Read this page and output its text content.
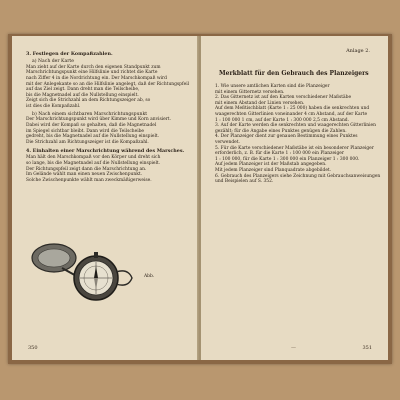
3. Festlegen der Kompaßzahlen.

a) Nach der Karte

Man zieht auf der Karte durch den eigenen Standpunkt zum

Marschrichtungspunkt eine Hilfslinie und richtet die Karte

nach Ziffer 4 in die Nordrichtung ein. Der Marschkompaß wird

mit der Anlegekante so an die Hilfslinie angelegt, daß der Richtungspfeil

auf das Ziel zeigt. Dann dreht man die Teilscheibe,

bis die Magnetnadel auf die Nullstellung einspielt.

Zeigt sich die Strichzahl an dem Richtungszeiger ab, so

ist dies die Kompaßzahl.

b) Nach einem sichtbaren Marschrichtungspunkt

Der Marschrichtungspunkt wird über Kimme und Korn anvisiert.

Dabei wird der Kompaß so gehalten, daß die Magnetnadel

im Spiegel sichtbar bleibt. Dann wird die Teilscheibe

gedreht, bis die Magnetnadel auf die Nullstellung einspielt.

Die Strichzahl am Richtungszeiger ist die Kompaßzahl.

4. Einhalten einer Marschrichtung während des Marsches.

Man hält den Marschkompaß vor den Körper und dreht sich

so lange, bis die Magnetnadel auf die Nullstellung einspielt.

Der Richtungspfeil zeigt dann die Marschrichtung an.

Im Gelände wählt man einen neuen Zwischenpunkt.

Solche Zwischenpunkte wählt man zweckmäßigerweise.

Abb.
350
Anlage 2.
Merkblatt für den Gebrauch des Planzeigers

1. Wie unsere amtlichen Karten sind die Planzeiger

mit einem Gitternetz versehen.

2. Das Gitternetz ist auf den Karten verschiedener Maßstäbe

mit einem Abstand der Linien versehen.

Auf dem Meßtischblatt (Karte 1 : 25 000) haben die senkrechten und

waagerechten Gitterlinien voneinander 4 cm Abstand, auf der Karte

1 : 100 000 1 cm, auf der Karte 1 : 300 000 2,5 cm Abstand.

3. Auf der Karte werden die senkrechten und waagerechten Gitterlinien

gezählt; für die Angabe eines Punktes genügen die Zahlen.

4. Der Planzeiger dient zur genauen Bestimmung eines Punktes

verwendet.

5. Für die Karte verschiedener Maßstäbe ist ein besonderer Planzeiger

erforderlich, z. B. für die Karte 1 : 100 000 ein Planzeiger

1 : 100 000, für die Karte 1 : 300 000 ein Planzeiger 1 : 300 000.

Auf jedem Planzeiger ist der Maßstab angegeben.

Mit jedem Planzeiger sind Planquadrate abgebildet.

6. Gebrauch des Planzeigers siehe Zeichnung mit Gebrauchsanweisungen

und Beispielen auf S. 352.

—	351
